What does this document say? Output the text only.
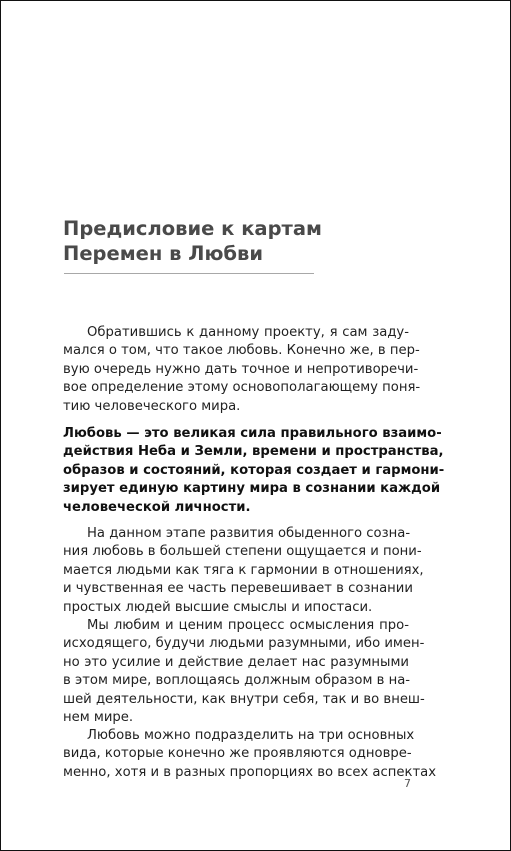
Предисловие к картам
Перемен в Любви

Обратившись к данному проекту, я сам заду-
мался о том, что такое любовь. Конечно же, в пер-
вую очередь нужно дать точное и непротиворечи-
вое определение этому основополагающему поня-
тию человеческого мира.

Любовь — это великая сила правильного взаимо-
действия Неба и Земли, времени и пространства,
образов и состояний, которая создает и гармони-
зирует единую картину мира в сознании каждой
человеческой личности.

На данном этапе развития обыденного созна-
ния любовь в большей степени ощущается и пони-
мается людьми как тяга к гармонии в отношениях,
и чувственная ее часть перевешивает в сознании
простых людей высшие смыслы и ипостаси.

Мы любим и ценим процесс осмысления про-
исходящего, будучи людьми разумными, ибо имен-
но это усилие и действие делает нас разумными
в этом мире, воплощаясь должным образом в на-
шей деятельности, как внутри себя, так и во внеш-
нем мире.

Любовь можно подразделить на три основных
вида, которые конечно же проявляются одновре-
менно, хотя и в разных пропорциях во всех аспектах

7
